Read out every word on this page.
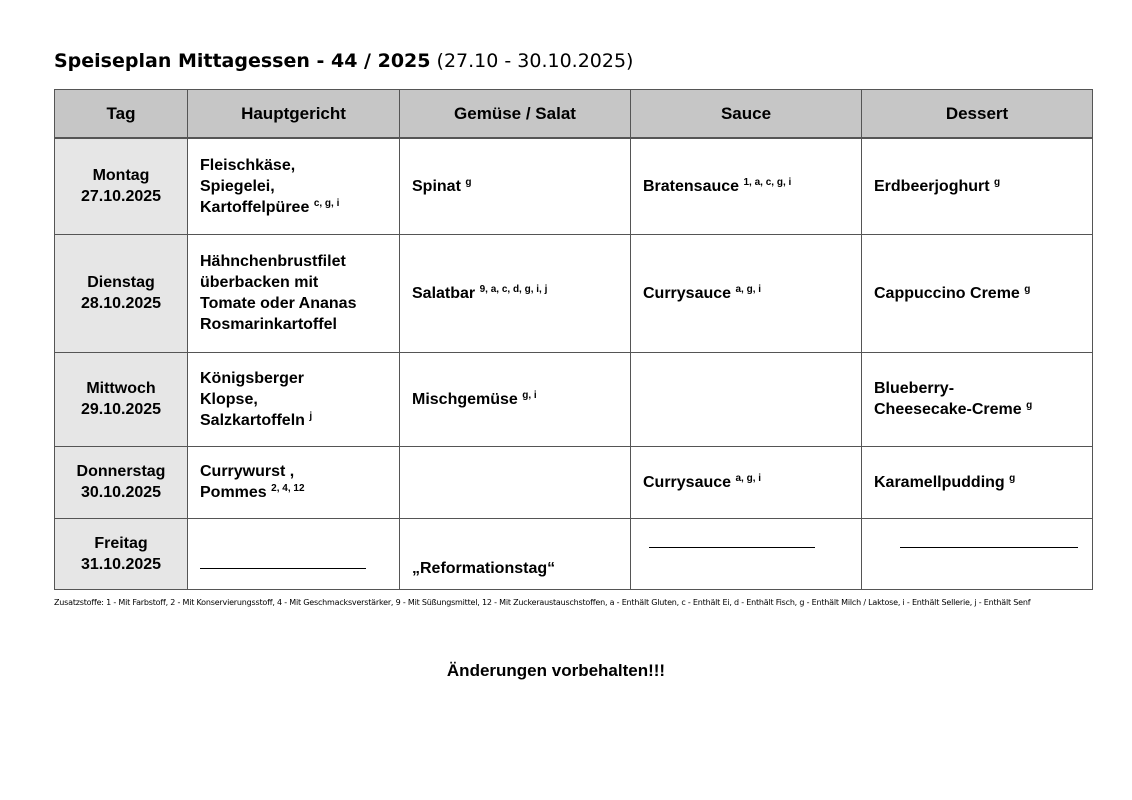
Speiseplan Mittagessen - 44 / 2025 (27.10 - 30.10.2025)
Tag	Hauptgericht	Gemüse / Salat	Sauce	Dessert

Montag
27.10.2025	Fleischkäse,
Spiegelei,
Kartoffelpüree $^{c, g, i}$	Spinat $^g$	Bratensauce $^{1, a, c, g, i}$	Erdbeerjoghurt $^g$

Dienstag
28.10.2025	Hähnchenbrustfilet
überbacken mit
Tomate oder Ananas
Rosmarinkartoffel	Salatbar $^{9, a, c, d, g, i, j}$	Currysauce $^{a, g, i}$	Cappuccino Creme $^g$

Mittwoch
29.10.2025	Königsberger
Klopse,
Salzkartoffeln $^j$	Mischgemüse $^{g, i}$		Blueberry-
Cheesecake-Creme $^g$

Donnerstag
30.10.2025	Currywurst ,
Pommes $^{2, 4, 12}$		Currysauce $^{a, g, i}$	Karamellpudding $^g$

Freitag
31.10.2025		„Reformationstag“		
Zusatzstoffe: 1 - Mit Farbstoff, 2 - Mit Konservierungsstoff, 4 - Mit Geschmacksverstärker, 9 - Mit Süßungsmittel, 12 - Mit Zuckeraustauschstoffen, a - Enthält Gluten, c - Enthält Ei, d - Enthält Fisch, g - Enthält Milch / Laktose, i - Enthält Sellerie, j - Enthält Senf
Änderungen vorbehalten!!!
